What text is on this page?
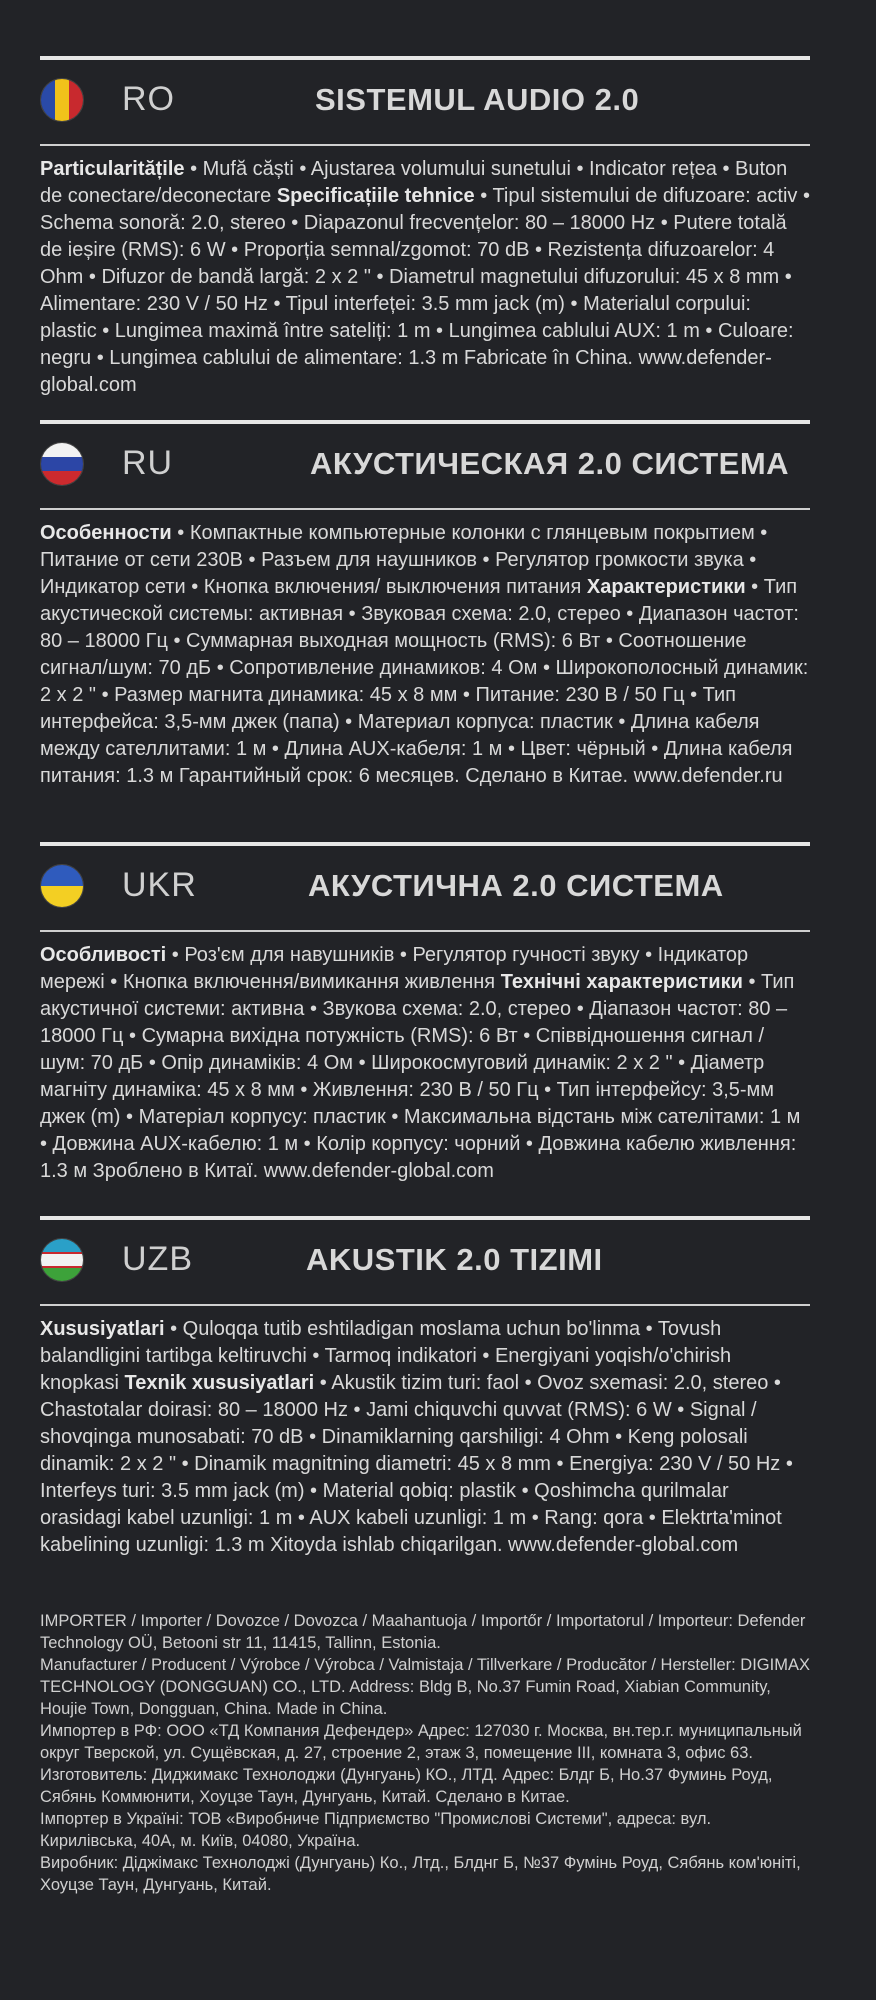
RO	SISTEMUL AUDIO 2.0
Particularitățile • Mufă căști • Ajustarea volumului sunetului • Indicator rețea • Buton de conectare/deconectare Specificațiile tehnice • Tipul sistemului de difuzoare: activ • Schema sonoră: 2.0, stereo • Diapazonul frecvențelor: 80 – 18000 Hz • Putere totală de ieșire (RMS): 6 W • Proporția semnal/zgomot: 70 dB • Rezistența difuzoarelor: 4 Ohm • Difuzor de bandă largă: 2 x 2 " • Diametrul magnetului difuzorului: 45 x 8 mm • Alimentare: 230 V / 50 Hz • Tipul interfeței: 3.5 mm jack (m) • Materialul corpului: plastic • Lungimea maximă între sateliți: 1 m • Lungimea cablului AUX: 1 m • Culoare: negru • Lungimea cablului de alimentare: 1.3 m Fabricate în China. www.defender-global.com
RU	АКУСТИЧЕСКАЯ 2.0 СИСТЕМА
Особенности • Компактные компьютерные колонки с глянцевым покрытием • Питание от сети 230В • Разъем для наушников • Регулятор громкости звука • Индикатор сети • Кнопка включения/ выключения питания Характеристики • Тип акустической системы: активная • Звуковая схема: 2.0, стерео • Диапазон частот: 80 – 18000 Гц • Суммарная выходная мощность (RMS): 6 Вт • Соотношение сигнал/шум: 70 дБ • Сопротивление динамиков: 4 Ом • Широкополосный динамик: 2 x 2 " • Размер магнита динамика: 45 х 8 мм • Питание: 230 В / 50 Гц • Тип интерфейса: 3,5-мм джек (папа) • Материал корпуса: пластик • Длина кабеля между сателлитами: 1 м • Длина AUX-кабеля: 1 м • Цвет: чёрный • Длина кабеля питания: 1.3 м Гарантийный срок: 6 месяцев. Сделано в Китае. www.defender.ru
UKR	АКУСТИЧНА 2.0 СИСТЕМА
Особливості • Роз'єм для навушників • Регулятор гучності звуку • Індикатор мережі • Кнопка включення/вимикання живлення Технічні характеристики • Тип акустичної системи: активна • Звукова схема: 2.0, стерео • Діапазон частот: 80 – 18000 Гц • Сумарна вихідна потужність (RMS): 6 Вт • Співвідношення сигнал / шум: 70 дБ • Опір динаміків: 4 Ом • Широкосмуговий динамік: 2 x 2 " • Діаметр магніту динаміка: 45 х 8 мм • Живлення: 230 В / 50 Гц • Тип інтерфейсу: 3,5-мм джек (m) • Матеріал корпусу: пластик • Максимальна відстань між сателітами: 1 м • Довжина AUX-кабелю: 1 м • Колір корпусу: чорний • Довжина кабелю живлення: 1.3 м Зроблено в Китаї. www.defender-global.com
UZB	AKUSTIK 2.0 TIZIMI
Xususiyatlari • Quloqqa tutib eshtiladigan moslama uchun bo'linma • Tovush balandligini tartibga keltiruvchi • Tarmoq indikatori • Energiyani yoqish/o'chirish knopkasi Texnik xususiyatlari • Akustik tizim turi: faol • Ovoz sxemasi: 2.0, stereo • Chastotalar doirasi: 80 – 18000 Hz • Jami chiquvchi quvvat (RMS): 6 W • Signal / shovqinga munosabati: 70 dB • Dinamiklarning qarshiligi: 4 Ohm • Keng polosali dinamik: 2 x 2 " • Dinamik magnitning diametri: 45 x 8 mm • Energiya: 230 V / 50 Hz • Interfeys turi: 3.5 mm jack (m) • Material qobiq: plastik • Qoshimcha qurilmalar orasidagi kabel uzunligi: 1 m • AUX kabeli uzunligi: 1 m • Rang: qora • Elektrta'minot kabelining uzunligi: 1.3 m Xitoyda ishlab chiqarilgan. www.defender-global.com

IMPORTER / Importer / Dovozce / Dovozca / Maahantuoja / Importőr / Importatorul / Importeur: Defender Technology OÜ, Betooni str 11, 11415, Tallinn, Estonia.

Manufacturer / Producent / Výrobce / Výrobca / Valmistaja / Tillverkare / Producător / Hersteller: DIGIMAX TECHNOLOGY (DONGGUAN) CO., LTD. Address: Bldg B, No.37 Fumin Road, Xiabian Community, Houjie Town, Dongguan, China. Made in China.

Импортер в РФ: ООО «ТД Компания Дефендер» Адрес: 127030 г. Москва, вн.тер.г. муниципальный округ Тверской, ул. Сущёвская, д. 27, строение 2, этаж 3, помещение III, комната 3, офис 63.

Изготовитель: Диджимакс Технолоджи (Дунгуань) КО., ЛТД. Адрес: Блдг Б, Но.37 Фуминь Роуд, Сябянь Коммюнити, Хоуцзе Таун, Дунгуань, Китай. Сделано в Китае.

Імпортер в Україні: ТОВ «Виробниче Підприємство "Промислові Системи", адреса: вул. Кирилівська, 40А, м. Київ, 04080, Україна.

Виробник: Діджімакс Технолоджі (Дунгуань) Ко., Лтд., Блднг Б, №37 Фумінь Роуд, Сябянь ком'юніті, Хоуцзе Таун, Дунгуань, Китай.
